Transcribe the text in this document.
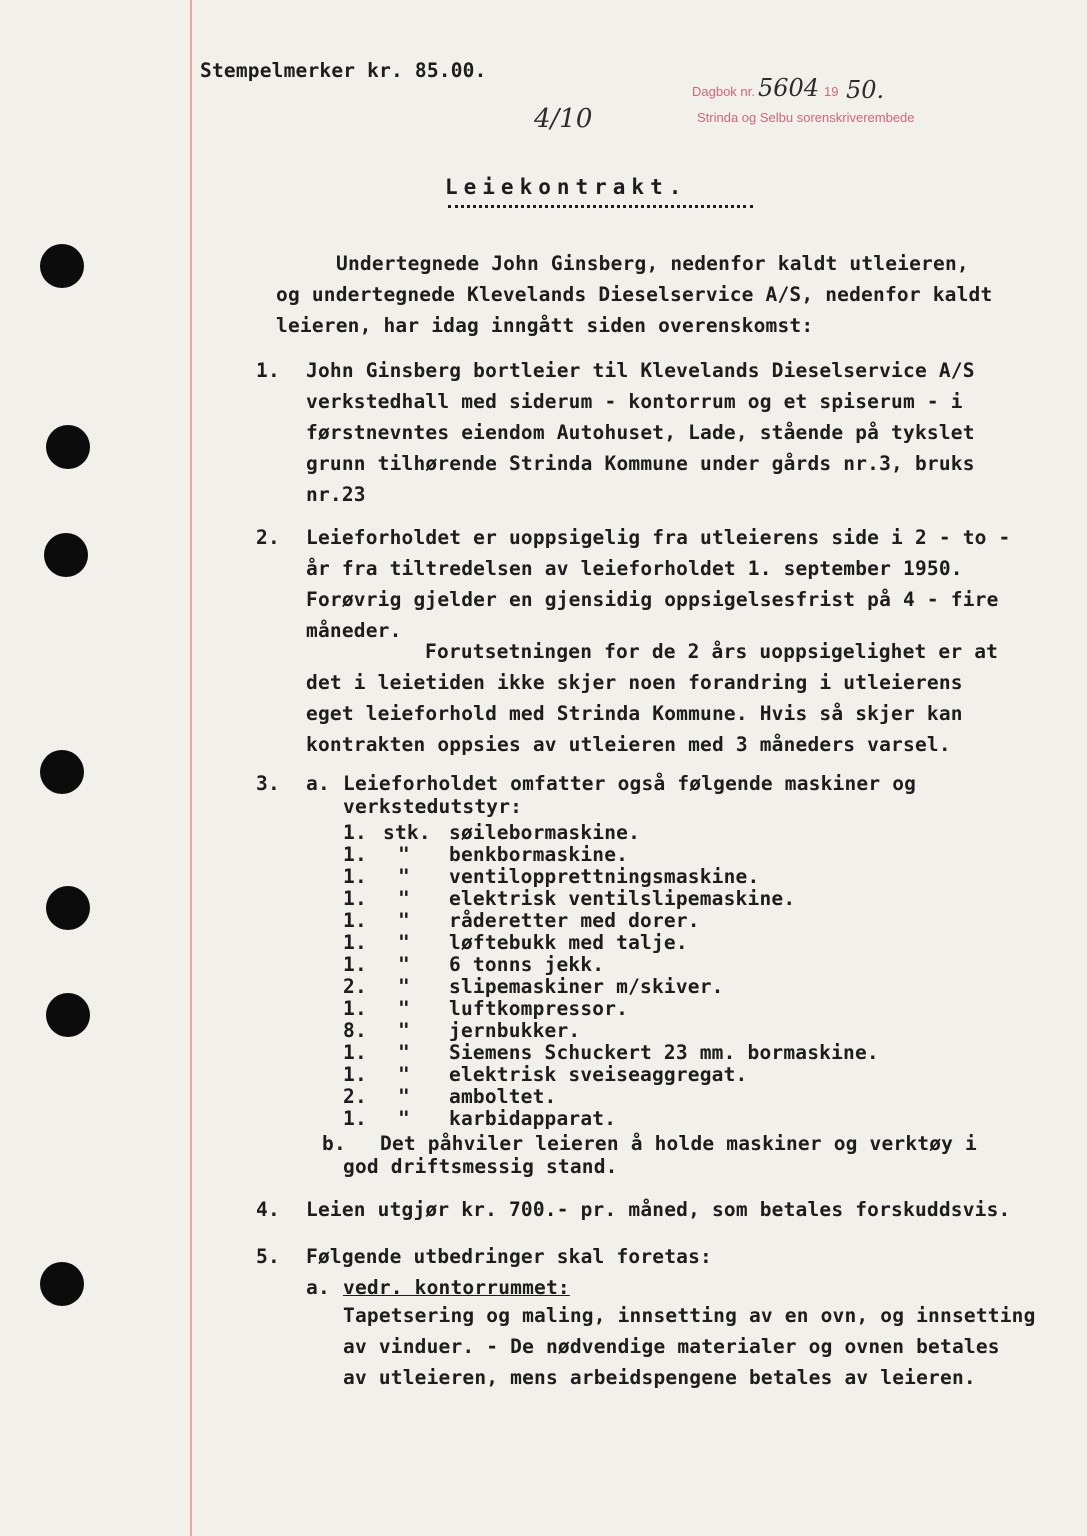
Stempelmerker kr. 85.00.
Dagbok nr. 5604 19 50.
Strinda og Selbu sorenskriverembede
4/10
Leiekontrakt.
Undertegnede John Ginsberg, nedenfor kaldt utleieren,
og undertegnede Klevelands Dieselservice A/S, nedenfor kaldt
leieren, har idag inngått siden overenskomst:
1. John Ginsberg bortleier til Klevelands Dieselservice A/S
verkstedhall med siderum - kontorrum og et spiserum - i
førstnevntes eiendom Autohuset, Lade, stående på tykslet
grunn tilhørende Strinda Kommune under gårds nr.3, bruks
nr.23
2. Leieforholdet er uoppsigelig fra utleierens side i 2 - to -
år fra tiltredelsen av leieforholdet 1. september 1950.
Forøvrig gjelder en gjensidig oppsigelsesfrist på 4 - fire
måneder.
Forutsetningen for de 2 års uoppsigelighet er at
det i leietiden ikke skjer noen forandring i utleierens
eget leieforhold med Strinda Kommune. Hvis så skjer kan
kontrakten oppsies av utleieren med 3 måneders varsel.
3. a. Leieforholdet omfatter også følgende maskiner og
verkstedutstyr:
1. stk. søilebormaskine.
1. " benkbormaskine.
1. " ventilopprettningsmaskine.
1. " elektrisk ventilslipemaskine.
1. " råderetter med dorer.
1. " løftebukk med talje.
1. " 6 tonns jekk.
2. " slipemaskiner m/skiver.
1. " luftkompressor.
8. " jernbukker.
1. " Siemens Schuckert 23 mm. bormaskine.
1. " elektrisk sveiseaggregat.
2. " amboltet.
1. " karbidapparat.
b. Det påhviler leieren å holde maskiner og verktøy i
god driftsmessig stand.
4. Leien utgjør kr. 700.- pr. måned, som betales forskuddsvis.
5. Følgende utbedringer skal foretas:
a. vedr. kontorrummet:
Tapetsering og maling, innsetting av en ovn, og innsetting
av vinduer. - De nødvendige materialer og ovnen betales
av utleieren, mens arbeidspengene betales av leieren.
